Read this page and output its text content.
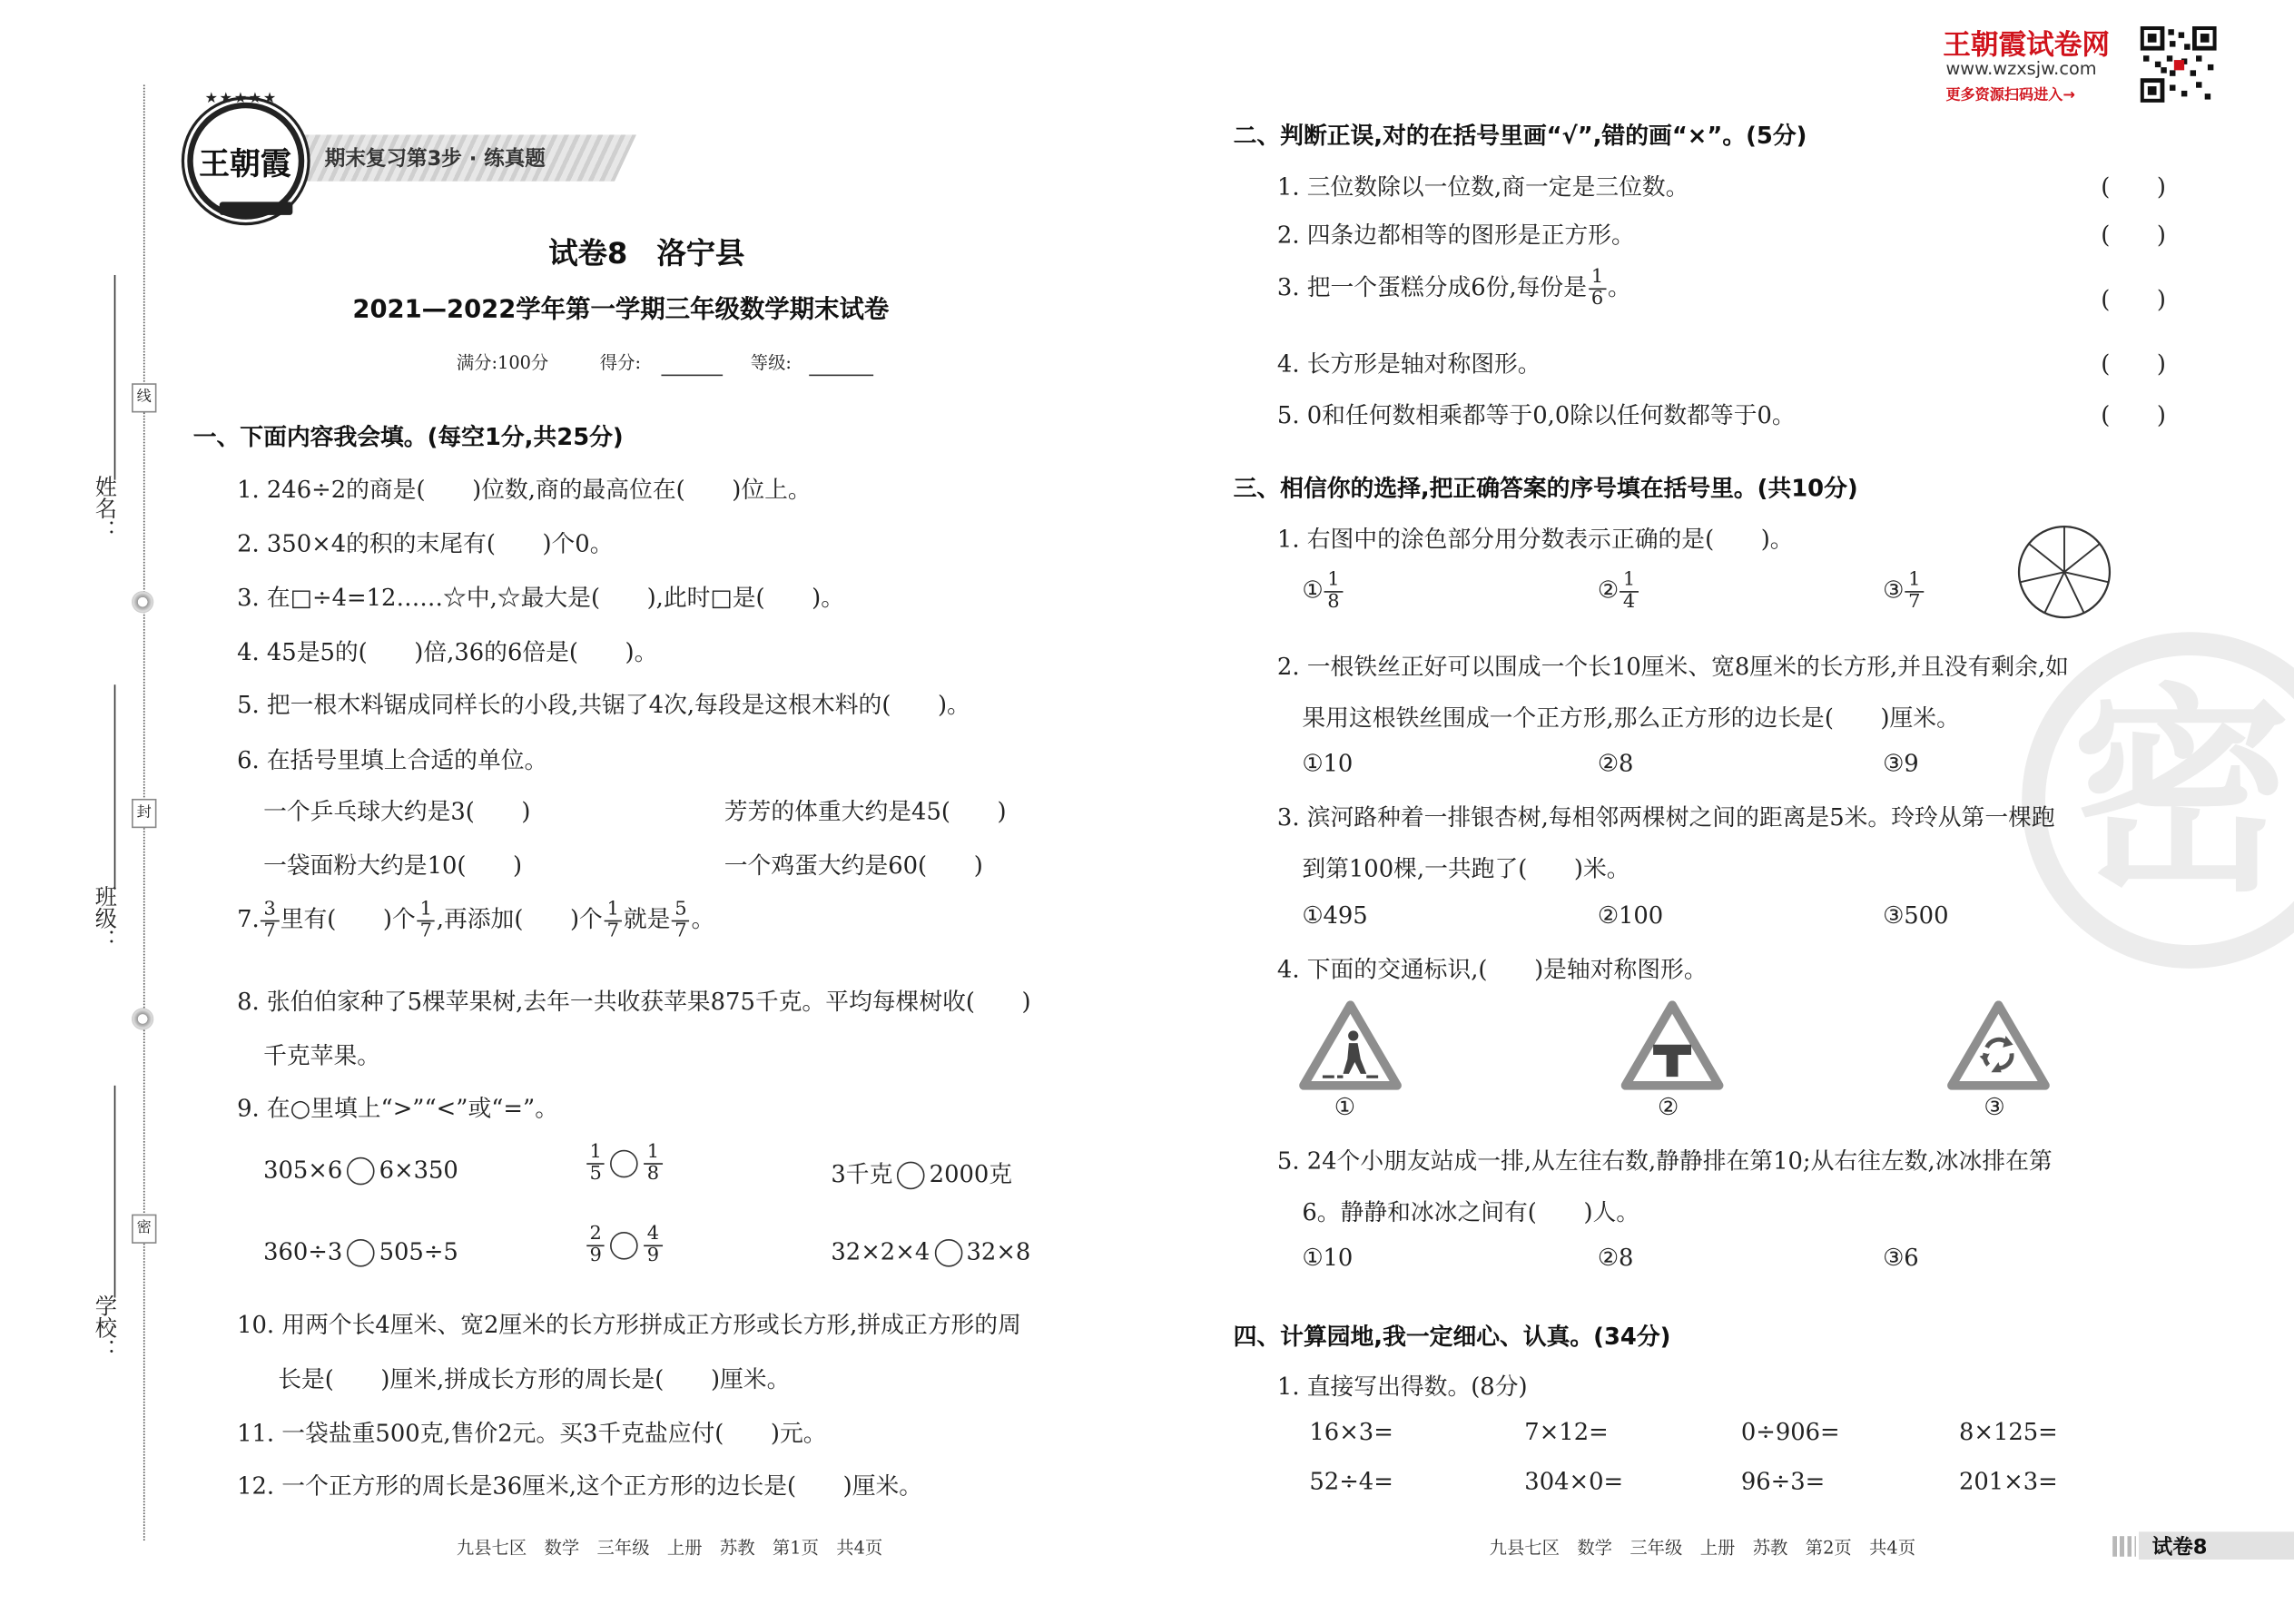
线
封
密
姓名：
班级：
学校：
期末复习第3步 · 练真题
★★★★★
王朝霞
试卷8　洛宁县
2021—2022学年第一学期三年级数学期末试卷
满分:100分	得分:	等级:
一、下面内容我会填。(每空1分,共25分)
1. 246÷2的商是(　　)位数,商的最高位在(　　)位上。
2. 350×4的积的末尾有(　　)个0。
3. 在□÷4=12……☆中,☆最大是(　　),此时□是(　　)。
4. 45是5的(　　)倍,36的6倍是(　　)。
5. 把一根木料锯成同样长的小段,共锯了4次,每段是这根木料的(　　)。
6. 在括号里填上合适的单位。
一个乒乓球大约是3(　　)	芳芳的体重大约是45(　　)
一袋面粉大约是10(　　)	一个鸡蛋大约是60(　　)
7. $\frac{3}{7}$ 里有(　　)个 $\frac{1}{7}$ ,再添加(　　)个 $\frac{1}{7}$ 就是 $\frac{5}{7}$ 。
8. 张伯伯家种了5棵苹果树,去年一共收获苹果875千克。平均每棵树收(　　)
千克苹果。
9. 在○里填上“>”“<”或“=”。
305×6	6×350	$\frac{1}{5}$	$\frac{1}{8}$	3千克	2000克
360÷3	505÷5	$\frac{2}{9}$	$\frac{4}{9}$	32×2×4	32×8
10. 用两个长4厘米、宽2厘米的长方形拼成正方形或长方形,拼成正方形的周
长是(　　)厘米,拼成长方形的周长是(　　)厘米。
11. 一袋盐重500克,售价2元。买3千克盐应付(　　)元。
12. 一个正方形的周长是36厘米,这个正方形的边长是(　　)厘米。
九县七区　数学　三年级　上册　苏教　第1页　共4页
王朝霞试卷网
www.wzxsjw.com
更多资源扫码进入→
密
二、判断正误,对的在括号里画“√”,错的画“×”。(5分)
1. 三位数除以一位数,商一定是三位数。	(　　)
2. 四条边都相等的图形是正方形。	(　　)
3. 把一个蛋糕分成6份,每份是 $\frac{1}{6}$ 。	(　　)
4. 长方形是轴对称图形。	(　　)
5. 0和任何数相乘都等于0,0除以任何数都等于0。	(　　)
三、相信你的选择,把正确答案的序号填在括号里。(共10分)
1. 右图中的涂色部分用分数表示正确的是(　　)。
① $\frac{1}{8}$	② $\frac{1}{4}$	③ $\frac{1}{7}$
2. 一根铁丝正好可以围成一个长10厘米、宽8厘米的长方形,并且没有剩余,如
果用这根铁丝围成一个正方形,那么正方形的边长是(　　)厘米。
①10	②8	③9
3. 滨河路种着一排银杏树,每相邻两棵树之间的距离是5米。玲玲从第一棵跑
到第100棵,一共跑了(　　)米。
①495	②100	③500
4. 下面的交通标识,(　　)是轴对称图形。
①	②	③
5. 24个小朋友站成一排,从左往右数,静静排在第10;从右往左数,冰冰排在第
6。静静和冰冰之间有(　　)人。
①10	②8	③6
四、计算园地,我一定细心、认真。(34分)
1. 直接写出得数。(8分)
16×3=	7×12=	0÷906=	8×125=
52÷4=	304×0=	96÷3=	201×3=
九县七区　数学　三年级　上册　苏教　第2页　共4页	试卷8
